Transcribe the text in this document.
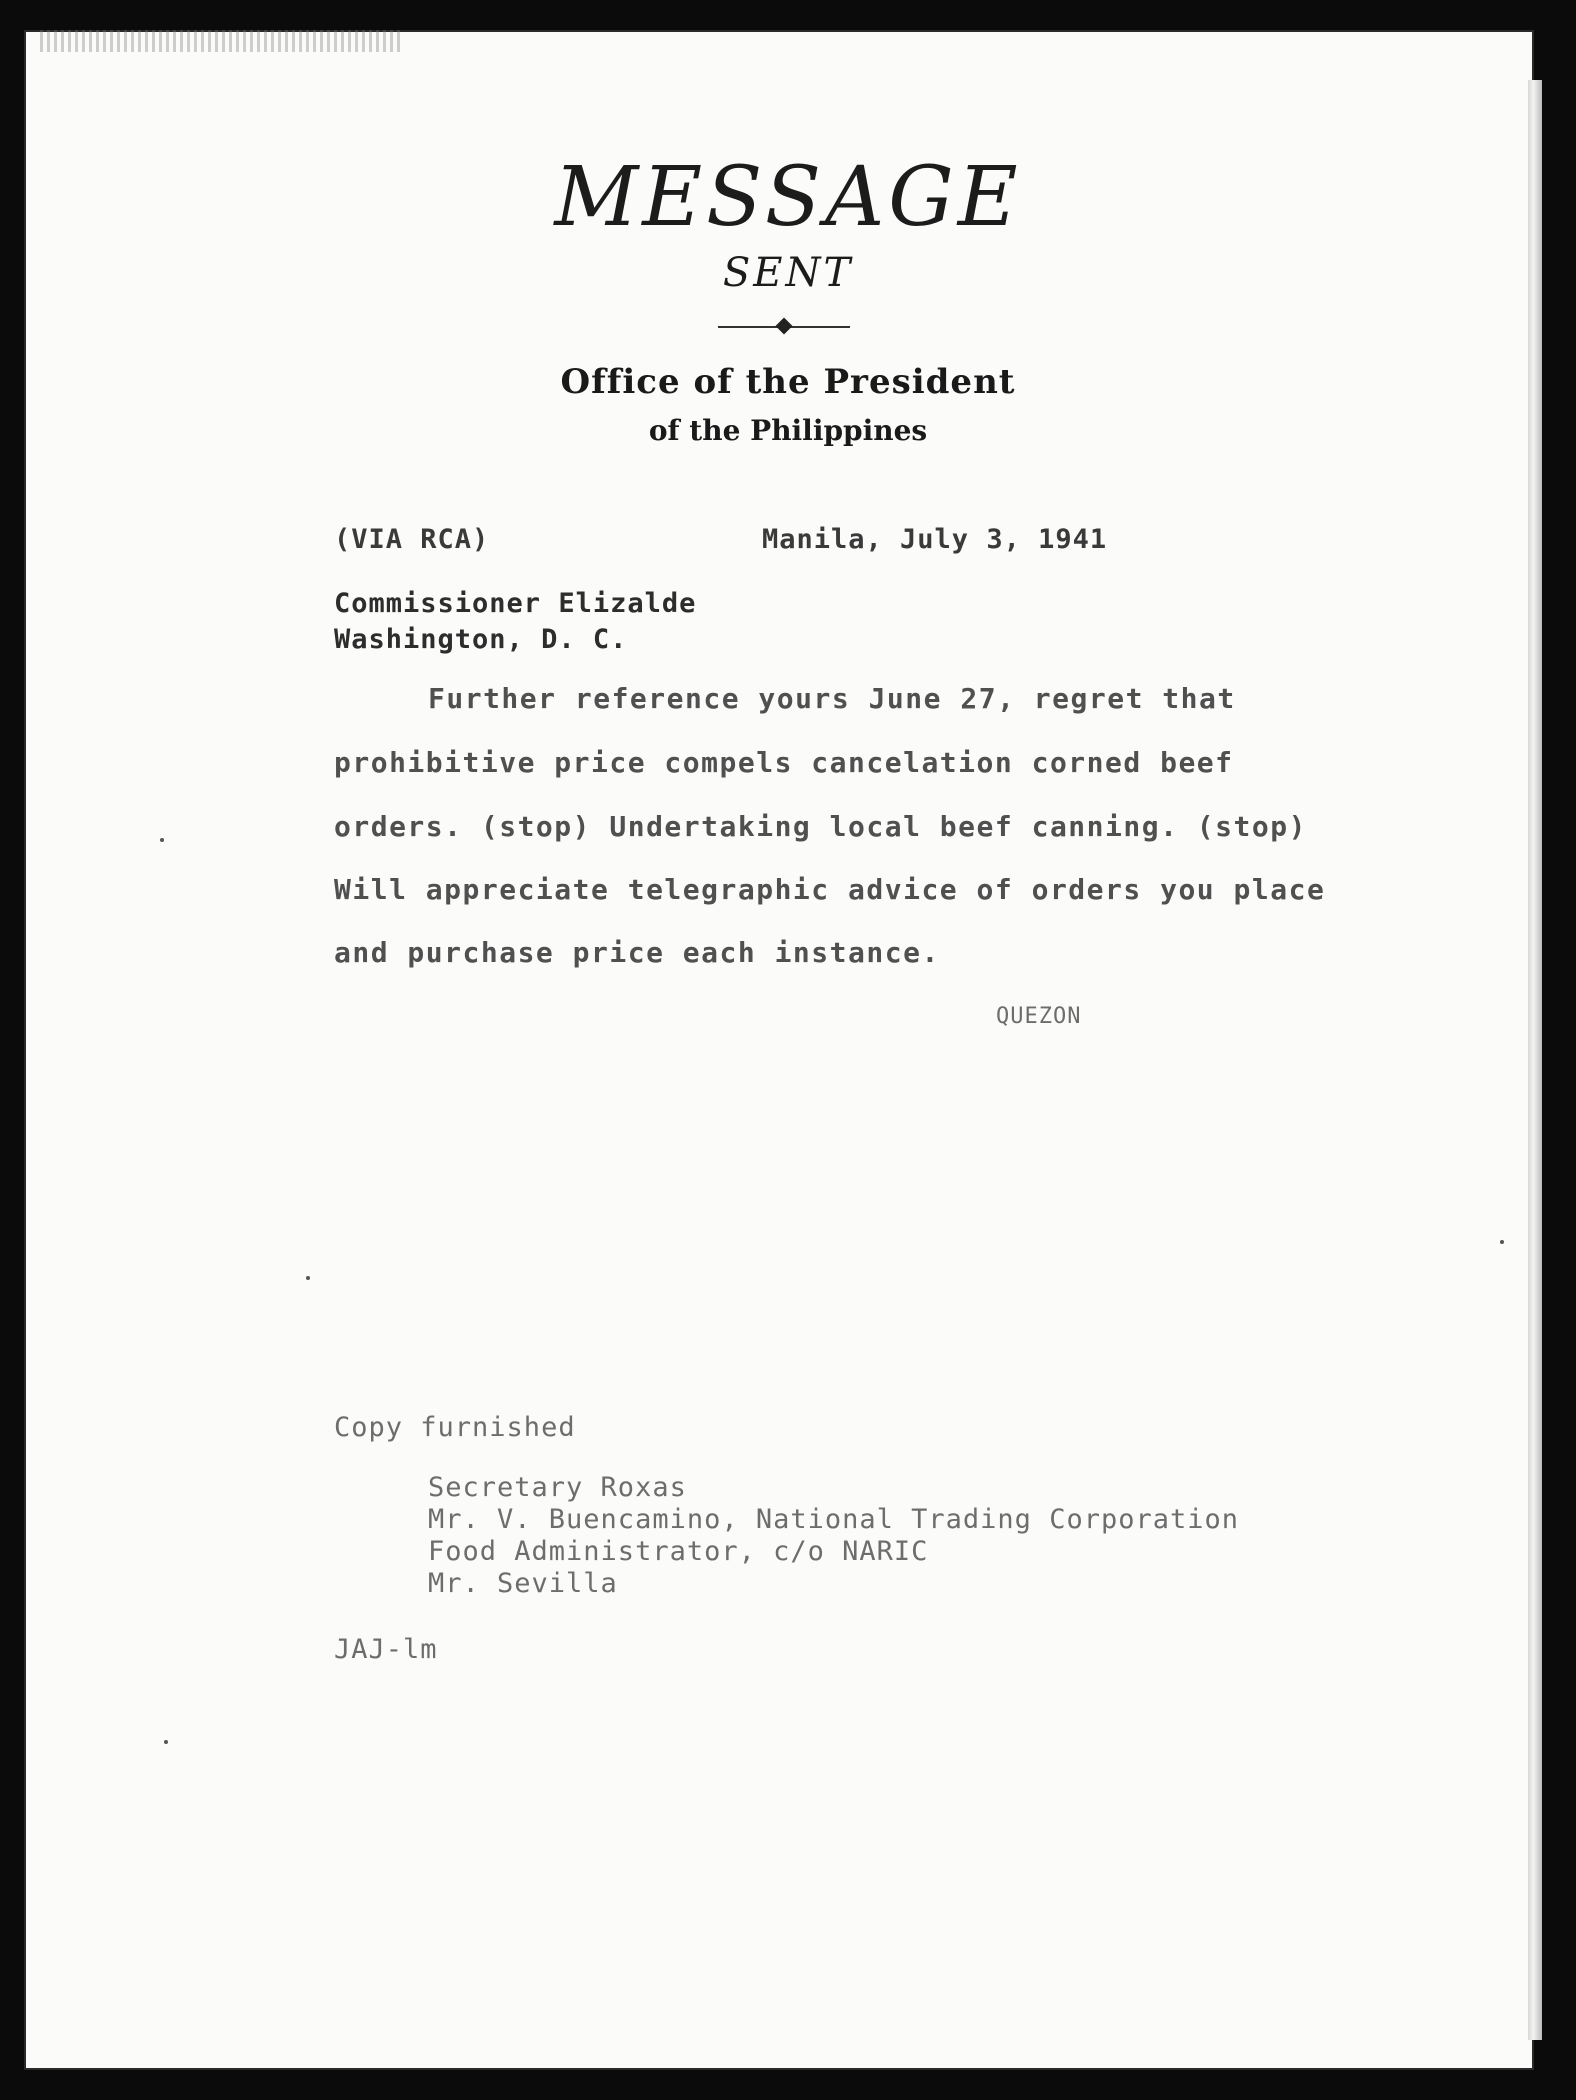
MESSAGE
SENT
Office of the President
of the Philippines
(VIA RCA)	Manila, July 3, 1941
Commissioner Elizalde
Washington, D. C.
Further reference yours June 27, regret that
prohibitive price compels cancelation corned beef
orders. (stop) Undertaking local beef canning. (stop)
Will appreciate telegraphic advice of orders you place
and purchase price each instance.
QUEZON
Copy furnished
Secretary Roxas
Mr. V. Buencamino, National Trading Corporation
Food Administrator, c/o NARIC
Mr. Sevilla
JAJ-lm
